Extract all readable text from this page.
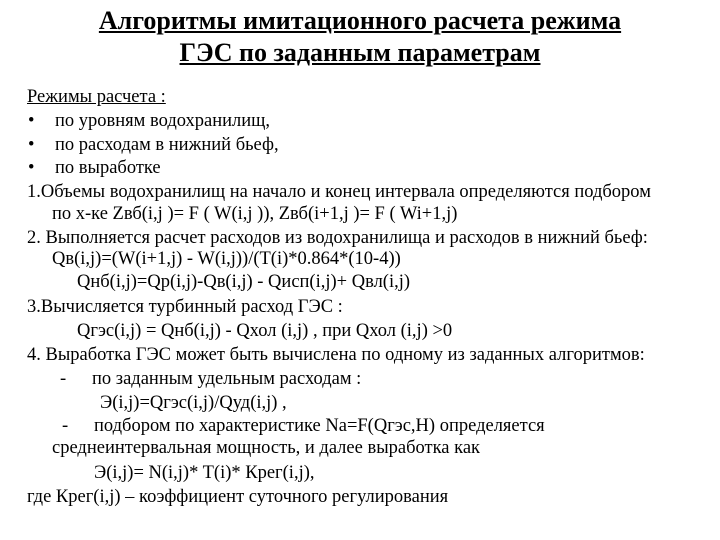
Алгоритмы имитационного расчета режима
ГЭС по заданным параметрам
Режимы расчета :
• по уровням водохранилищ,
• по расходам в нижний бьеф,
• по выработке
1.Объемы водохранилищ на начало и конец интервала определяются подбором
по х-ке Zвб(i,j )= F ( W(i,j )), Zвб(i+1,j )= F ( Wi+1,j)
2. Выполняется расчет расходов из водохранилища и расходов в нижний бьеф:
Qв(i,j)=(W(i+1,j) - W(i,j))/(T(i)*0.864*(10-4))
Qнб(i,j)=Qр(i,j)-Qв(i,j) - Qисп(i,j)+ Qвл(i,j)
3.Вычисляется турбинный расход ГЭС :
Qгэс(i,j) = Qнб(i,j) - Qхол (i,j) , при Qхол (i,j) >0
4. Выработка ГЭС может быть вычислена по одному из заданных алгоритмов:
- по заданным удельным расходам :
Э(i,j)=Qгэс(i,j)/Qуд(i,j) ,
- подбором по характеристике Nа=F(Qгэс,H) определяется
среднеинтервальная мощность, и далее выработка как
Э(i,j)= N(i,j)* T(i)* Крег(i,j),
где Крег(i,j) – коэффициент суточного регулирования
